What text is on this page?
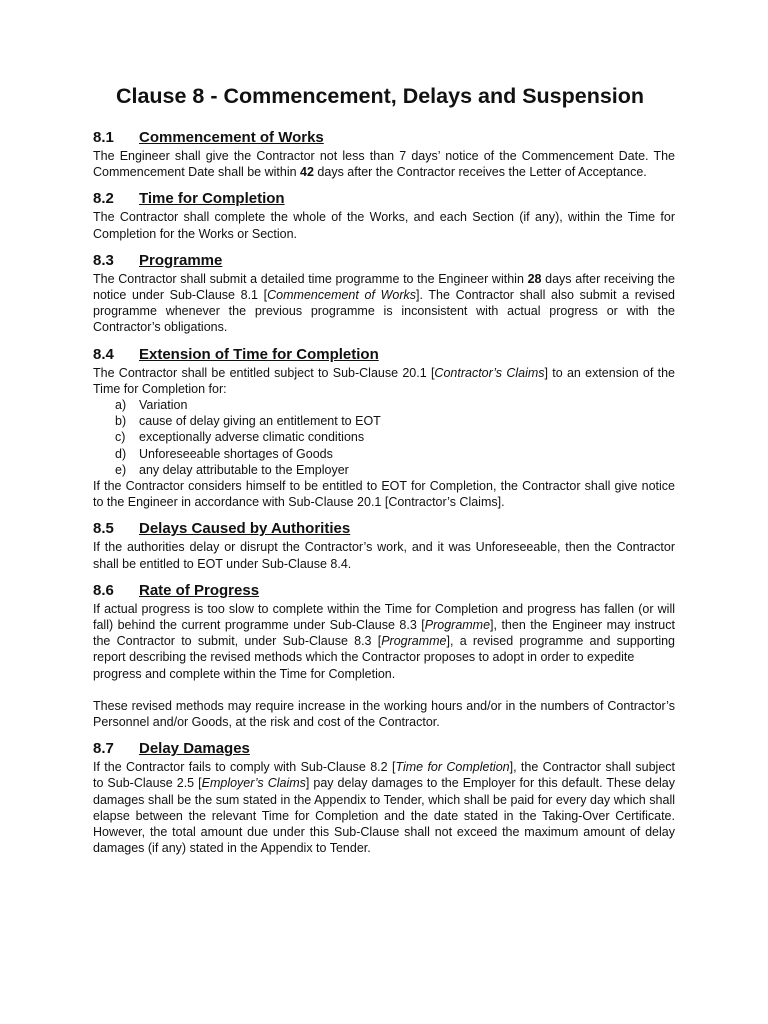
Clause 8 - Commencement, Delays and Suspension
8.1 Commencement of Works

The Engineer shall give the Contractor not less than 7 days’ notice of the Commencement Date. The Commencement Date shall be within 42 days after the Contractor receives the Letter of Acceptance.

8.2 Time for Completion

The Contractor shall complete the whole of the Works, and each Section (if any), within the Time for Completion for the Works or Section.

8.3 Programme

The Contractor shall submit a detailed time programme to the Engineer within 28 days after receiving the notice under Sub-Clause 8.1 [Commencement of Works]. The Contractor shall also submit a revised programme whenever the previous programme is inconsistent with actual progress or with the Contractor’s obligations.

8.4 Extension of Time for Completion

The Contractor shall be entitled subject to Sub-Clause 20.1 [Contractor’s Claims] to an extension of the Time for Completion for:

a) Variation
b) cause of delay giving an entitlement to EOT
c) exceptionally adverse climatic conditions
d) Unforeseeable shortages of Goods
e) any delay attributable to the Employer

If the Contractor considers himself to be entitled to EOT for Completion, the Contractor shall give notice to the Engineer in accordance with Sub-Clause 20.1 [Contractor’s Claims].

8.5 Delays Caused by Authorities

If the authorities delay or disrupt the Contractor’s work, and it was Unforeseeable, then the Contractor shall be entitled to EOT under Sub-Clause 8.4.

8.6 Rate of Progress

If actual progress is too slow to complete within the Time for Completion and progress has fallen (or will fall) behind the current programme under Sub-Clause 8.3 [Programme], then the Engineer may instruct the Contractor to submit, under Sub-Clause 8.3 [Programme], a revised programme and supporting report describing the revised methods which the Contractor proposes to adopt in order to expedite

progress and complete within the Time for Completion.

These revised methods may require increase in the working hours and/or in the numbers of Contractor’s Personnel and/or Goods, at the risk and cost of the Contractor.

8.7 Delay Damages

If the Contractor fails to comply with Sub-Clause 8.2 [Time for Completion], the Contractor shall subject to Sub-Clause 2.5 [Employer’s Claims] pay delay damages to the Employer for this default. These delay damages shall be the sum stated in the Appendix to Tender, which shall be paid for every day which shall elapse between the relevant Time for Completion and the date stated in the Taking-Over Certificate. However, the total amount due under this Sub-Clause shall not exceed the maximum amount of delay damages (if any) stated in the Appendix to Tender.
